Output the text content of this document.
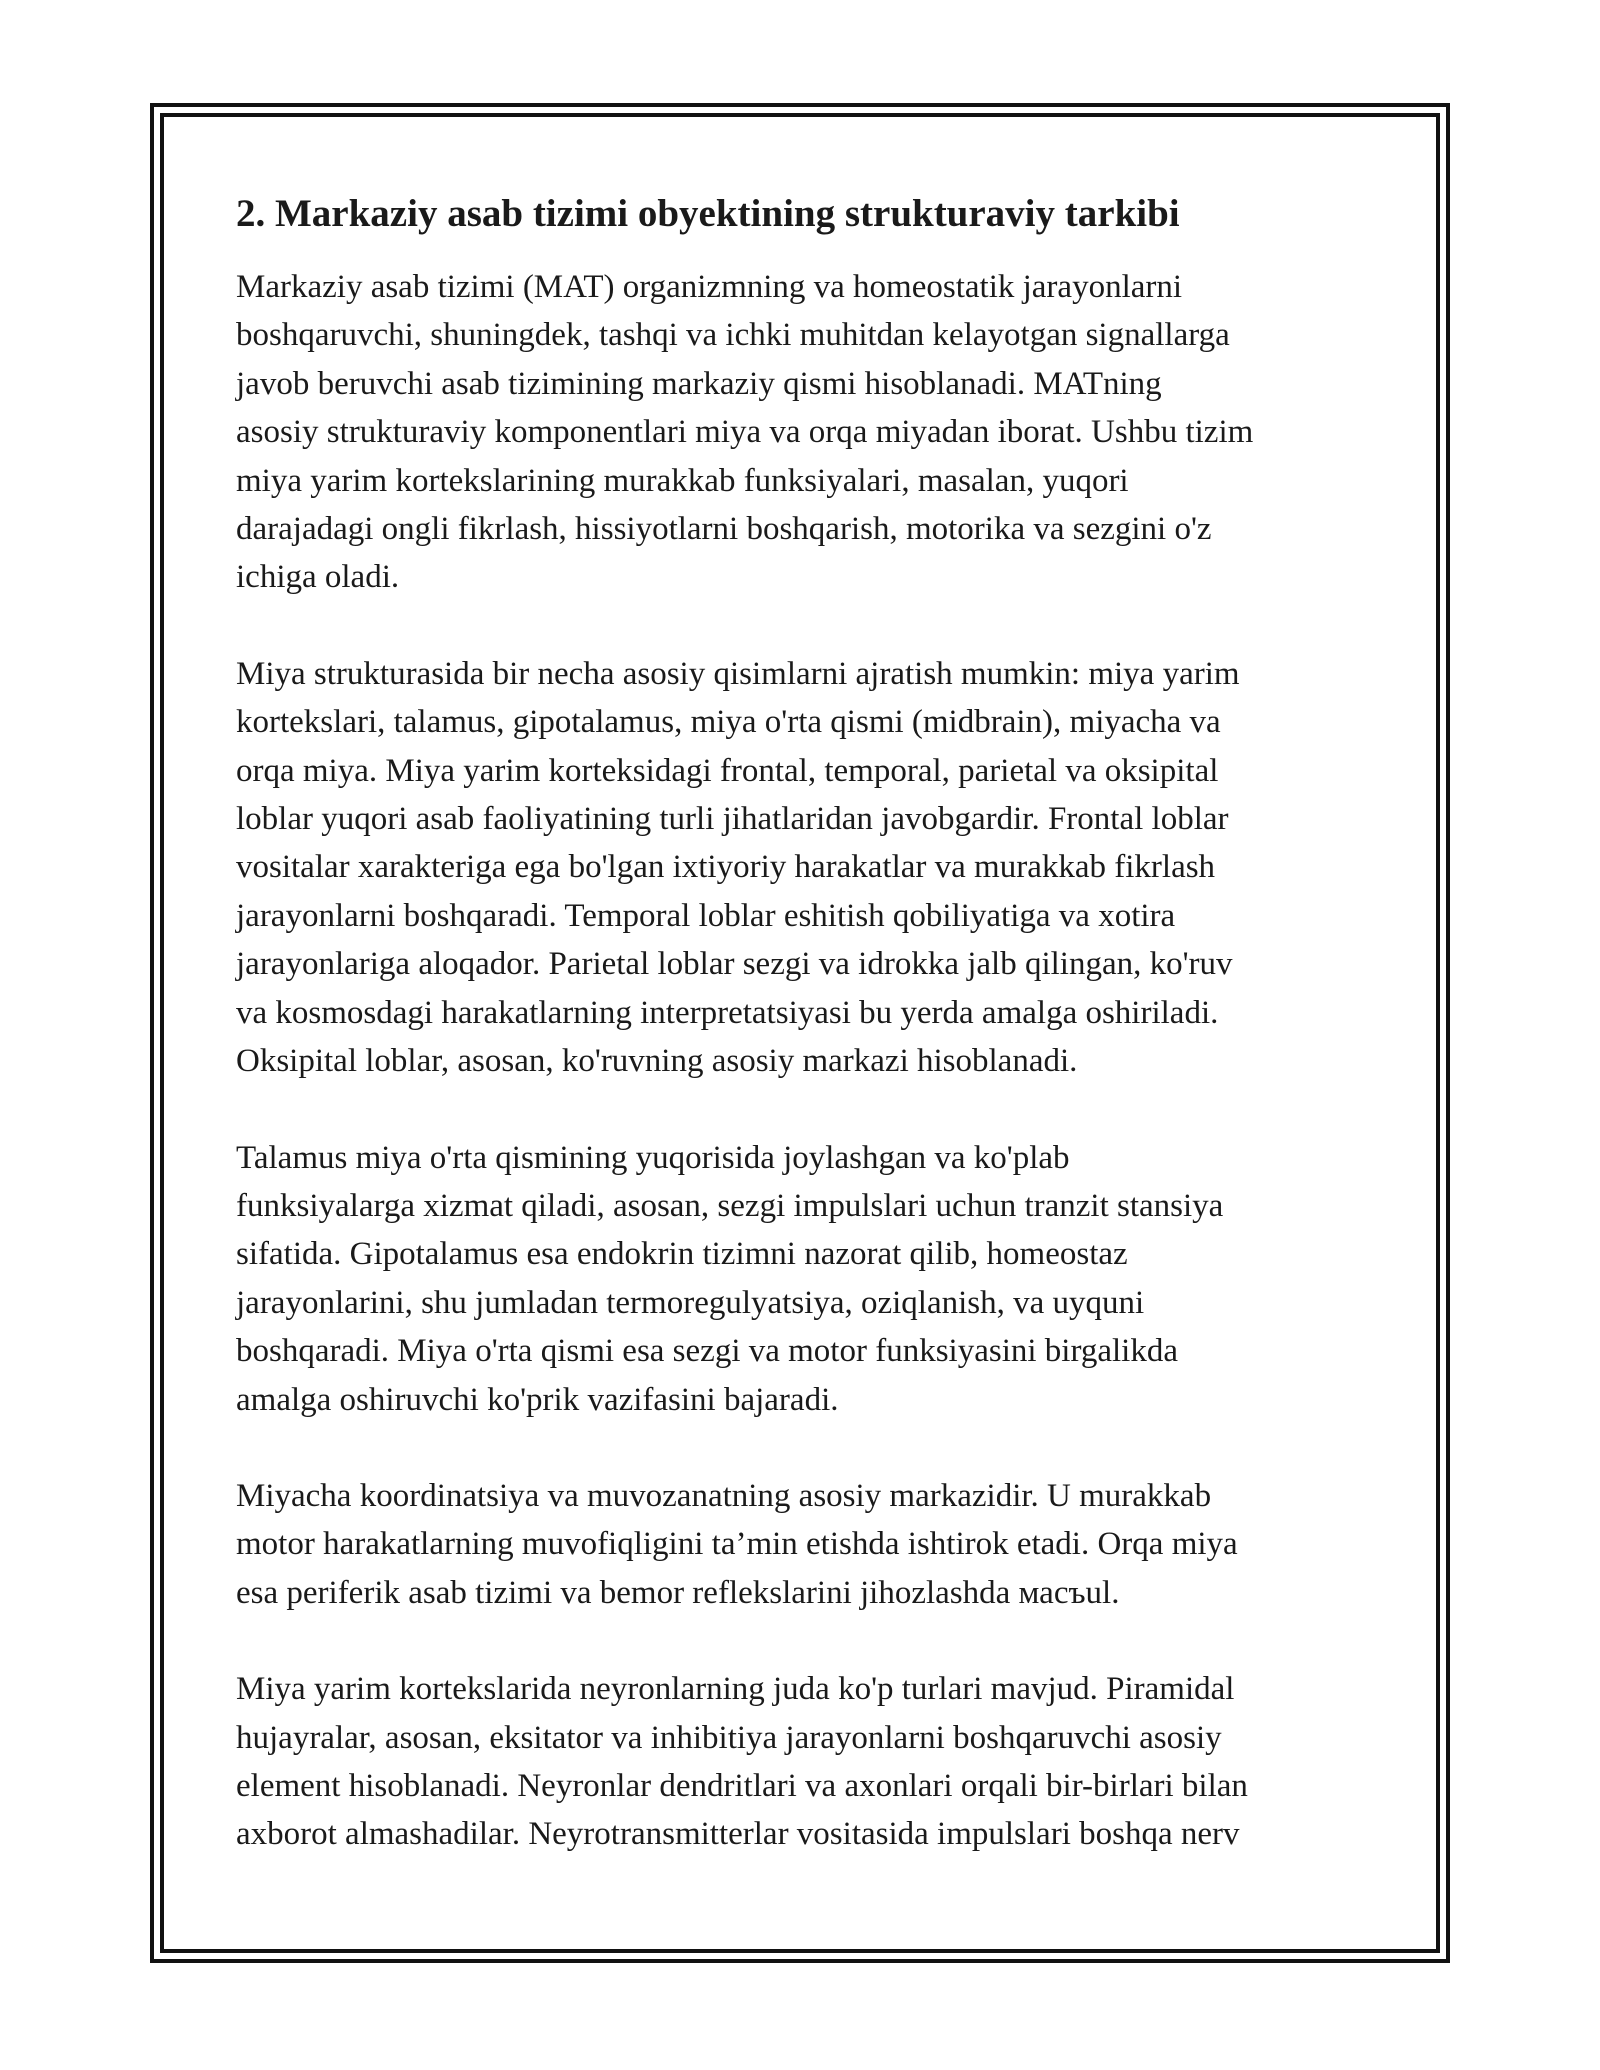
2. Markaziy asab tizimi obyektining strukturaviy tarkibi

Markaziy asab tizimi (MAT) organizmning va homeostatik jarayonlarni
boshqaruvchi, shuningdek, tashqi va ichki muhitdan kelayotgan signallarga
javob beruvchi asab tizimining markaziy qismi hisoblanadi. MATning
asosiy strukturaviy komponentlari miya va orqa miyadan iborat. Ushbu tizim
miya yarim kortekslarining murakkab funksiyalari, masalan, yuqori
darajadagi ongli fikrlash, hissiyotlarni boshqarish, motorika va sezgini o'z
ichiga oladi.

Miya strukturasida bir necha asosiy qisimlarni ajratish mumkin: miya yarim
kortekslari, talamus, gipotalamus, miya o'rta qismi (midbrain), miyacha va
orqa miya. Miya yarim korteksidagi frontal, temporal, parietal va oksipital
loblar yuqori asab faoliyatining turli jihatlaridan javobgardir. Frontal loblar
vositalar xarakteriga ega bo'lgan ixtiyoriy harakatlar va murakkab fikrlash
jarayonlarni boshqaradi. Temporal loblar eshitish qobiliyatiga va xotira
jarayonlariga aloqador. Parietal loblar sezgi va idrokka jalb qilingan, ko'ruv
va kosmosdagi harakatlarning interpretatsiyasi bu yerda amalga oshiriladi.
Oksipital loblar, asosan, ko'ruvning asosiy markazi hisoblanadi.

Talamus miya o'rta qismining yuqorisida joylashgan va ko'plab
funksiyalarga xizmat qiladi, asosan, sezgi impulslari uchun tranzit stansiya
sifatida. Gipotalamus esa endokrin tizimni nazorat qilib, homeostaz
jarayonlarini, shu jumladan termoregulyatsiya, oziqlanish, va uyquni
boshqaradi. Miya o'rta qismi esa sezgi va motor funksiyasini birgalikda
amalga oshiruvchi ko'prik vazifasini bajaradi.

Miyacha koordinatsiya va muvozanatning asosiy markazidir. U murakkab
motor harakatlarning muvofiqligini ta’min etishda ishtirok etadi. Orqa miya
esa periferik asab tizimi va bemor reflekslarini jihozlashda масъul.

Miya yarim kortekslarida neyronlarning juda ko'p turlari mavjud. Piramidal
hujayralar, asosan, eksitator va inhibitiya jarayonlarni boshqaruvchi asosiy
element hisoblanadi. Neyronlar dendritlari va axonlari orqali bir-birlari bilan
axborot almashadilar. Neyrotransmitterlar vositasida impulslari boshqa nerv
